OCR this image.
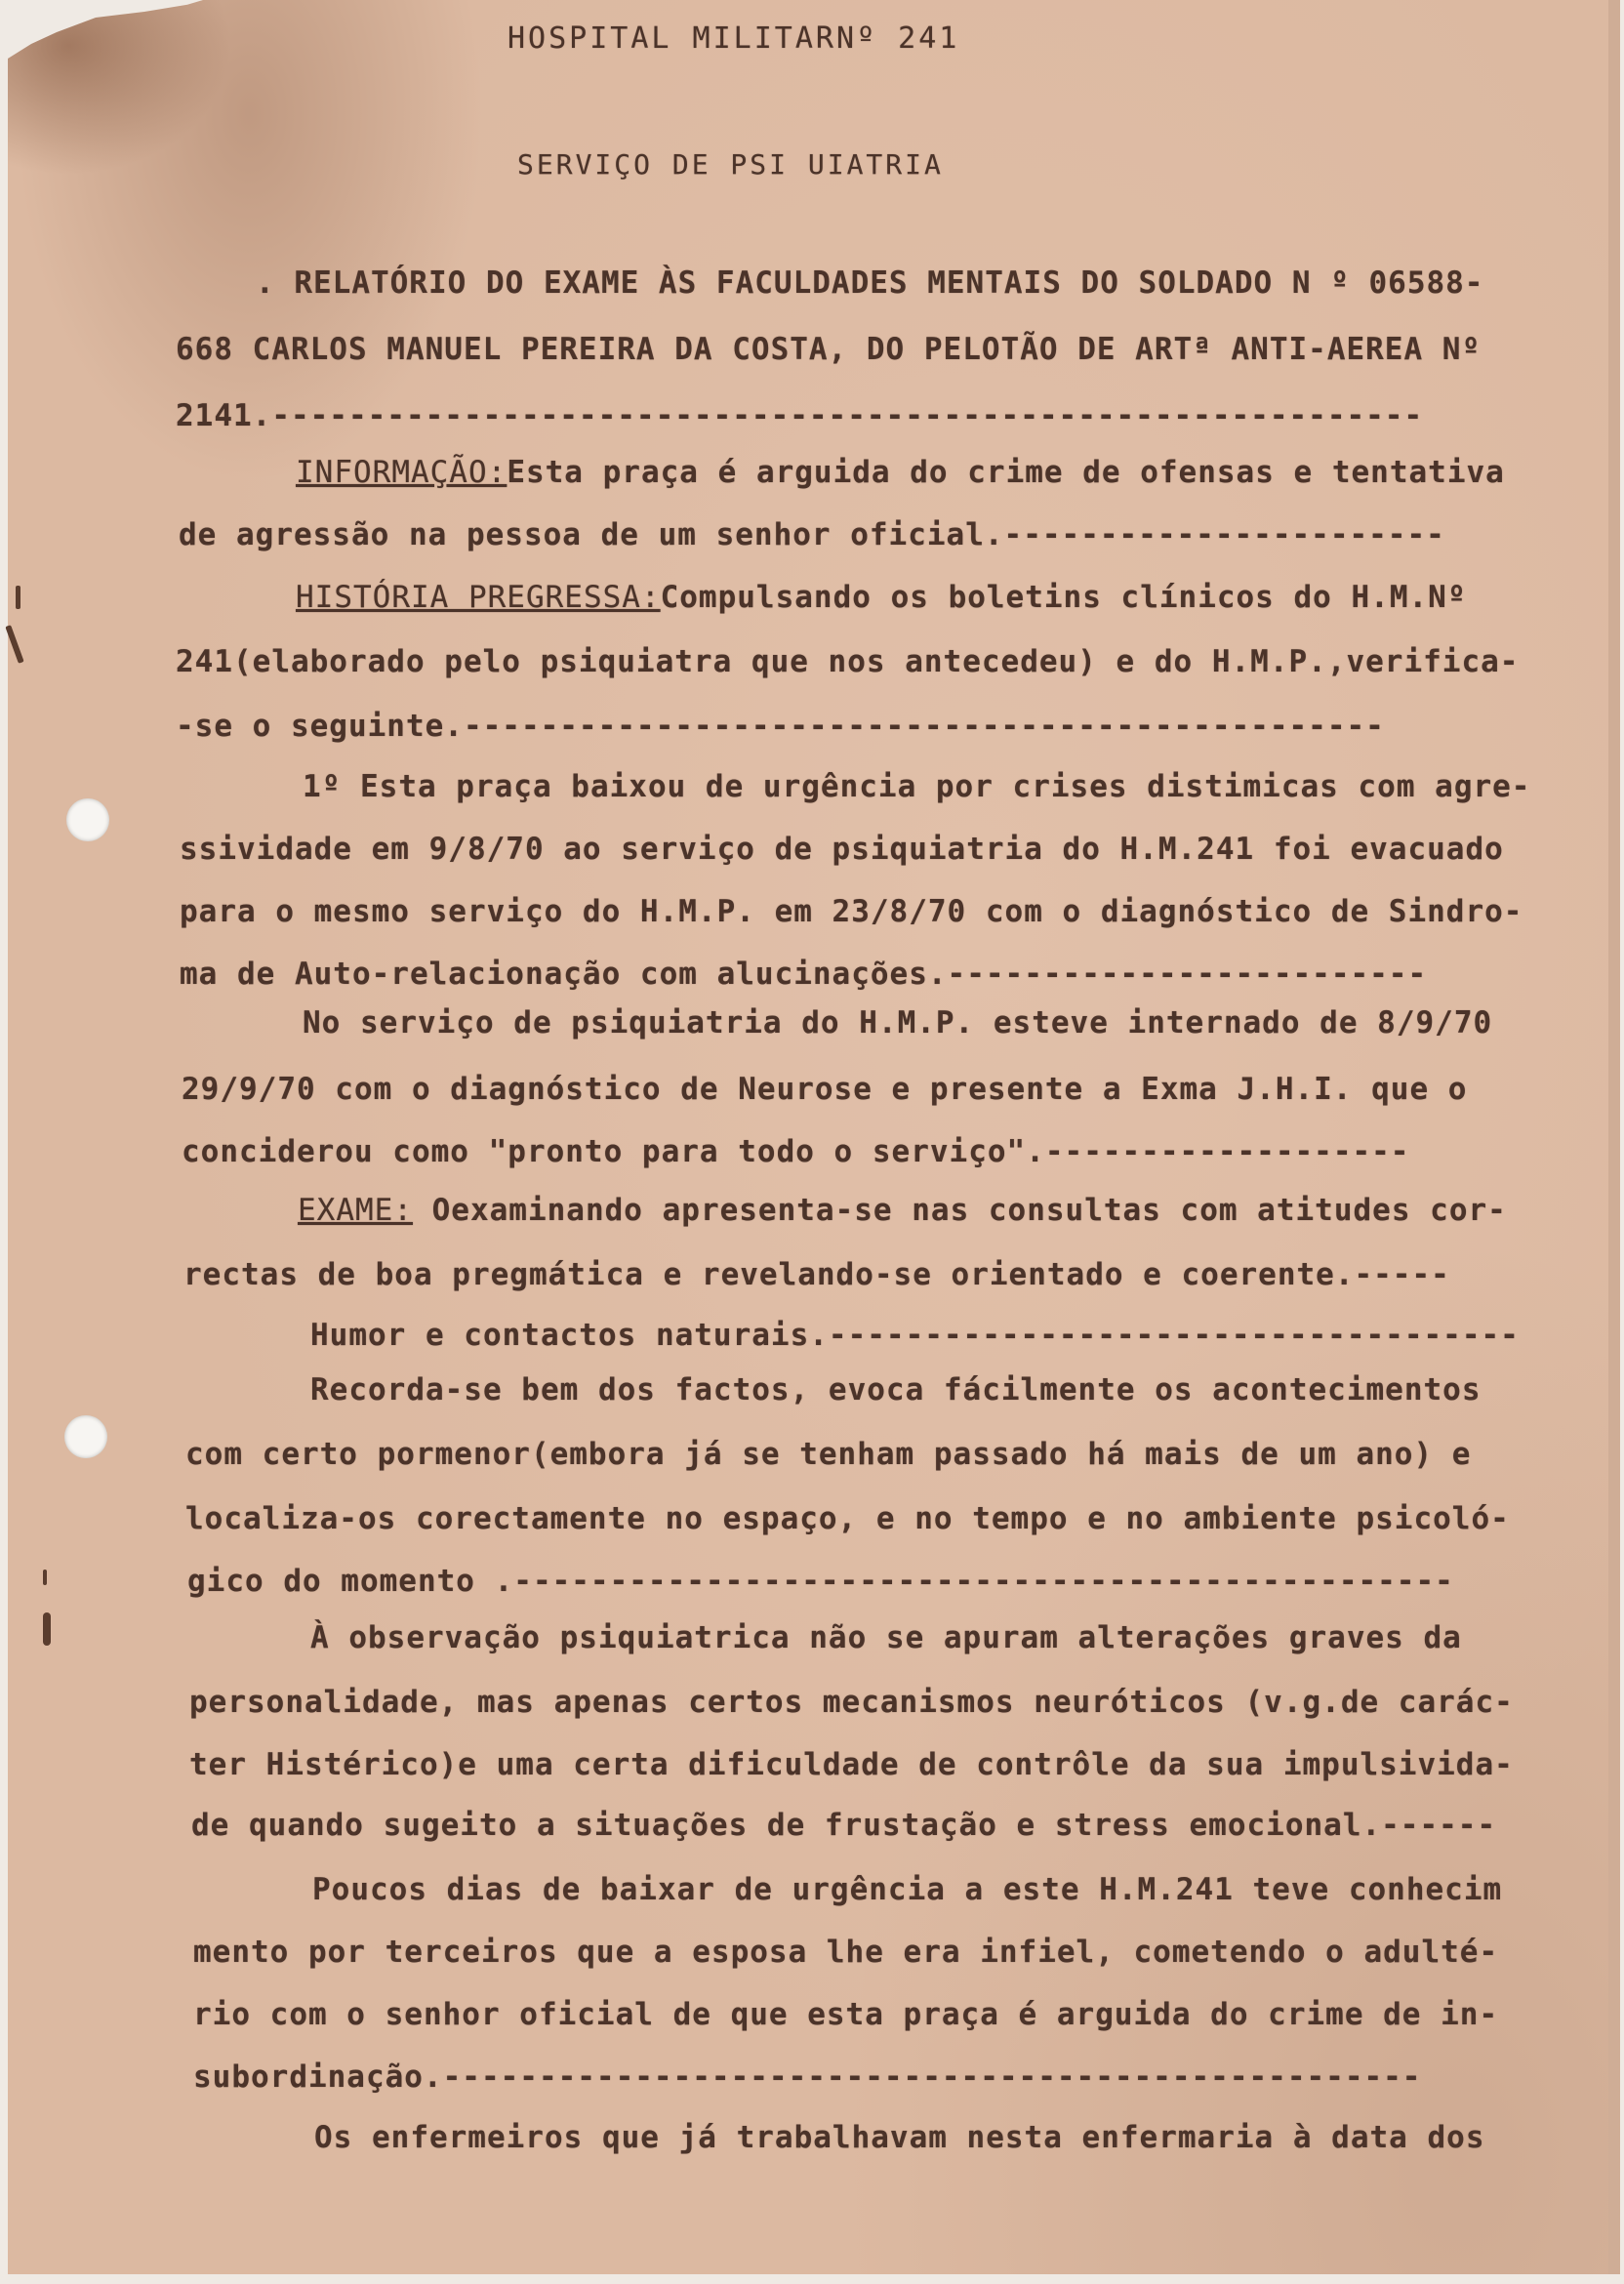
HOSPITAL MILITARNº 241
SERVIÇO DE PSI UIATRIA
. RELATÓRIO DO EXAME ÀS FACULDADES MENTAIS DO SOLDADO N º 06588-
668 CARLOS MANUEL PEREIRA DA COSTA, DO PELOTÃO DE ARTª ANTI-AEREA Nº
2141.------------------------------------------------------------
INFORMAÇÃO:Esta praça é arguida do crime de ofensas e tentativa
de agressão na pessoa de um senhor oficial.-----------------------
HISTÓRIA PREGRESSA:Compulsando os boletins clínicos do H.M.Nº
241(elaborado pelo psiquiatra que nos antecedeu) e do H.M.P.,verifica-
-se o seguinte.------------------------------------------------
1º Esta praça baixou de urgência por crises distimicas com agre-
ssividade em 9/8/70 ao serviço de psiquiatria do H.M.241 foi evacuado
para o mesmo serviço do H.M.P. em 23/8/70 com o diagnóstico de Sindro-
ma de Auto-relacionação com alucinações.-------------------------
No serviço de psiquiatria do H.M.P. esteve internado de 8/9/70
29/9/70 com o diagnóstico de Neurose e presente a Exma J.H.I. que o
conciderou como "pronto para todo o serviço".-------------------
EXAME: Oexaminando apresenta-se nas consultas com atitudes cor-
rectas de boa pregmática e revelando-se orientado e coerente.-----
Humor e contactos naturais.------------------------------------
Recorda-se bem dos factos, evoca fácilmente os acontecimentos
com certo pormenor(embora já se tenham passado há mais de um ano) e
localiza-os corectamente no espaço, e no tempo e no ambiente psicoló-
gico do momento .-------------------------------------------------
À observação psiquiatrica não se apuram alterações graves da
personalidade, mas apenas certos mecanismos neuróticos (v.g.de carác-
ter Histérico)e uma certa dificuldade de contrôle da sua impulsivida-
de quando sugeito a situações de frustação e stress emocional.------
Poucos dias de baixar de urgência a este H.M.241 teve conhecim
mento por terceiros que a esposa lhe era infiel, cometendo o adulté-
rio com o senhor oficial de que esta praça é arguida do crime de in-
subordinação.---------------------------------------------------
Os enfermeiros que já trabalhavam nesta enfermaria à data dos
